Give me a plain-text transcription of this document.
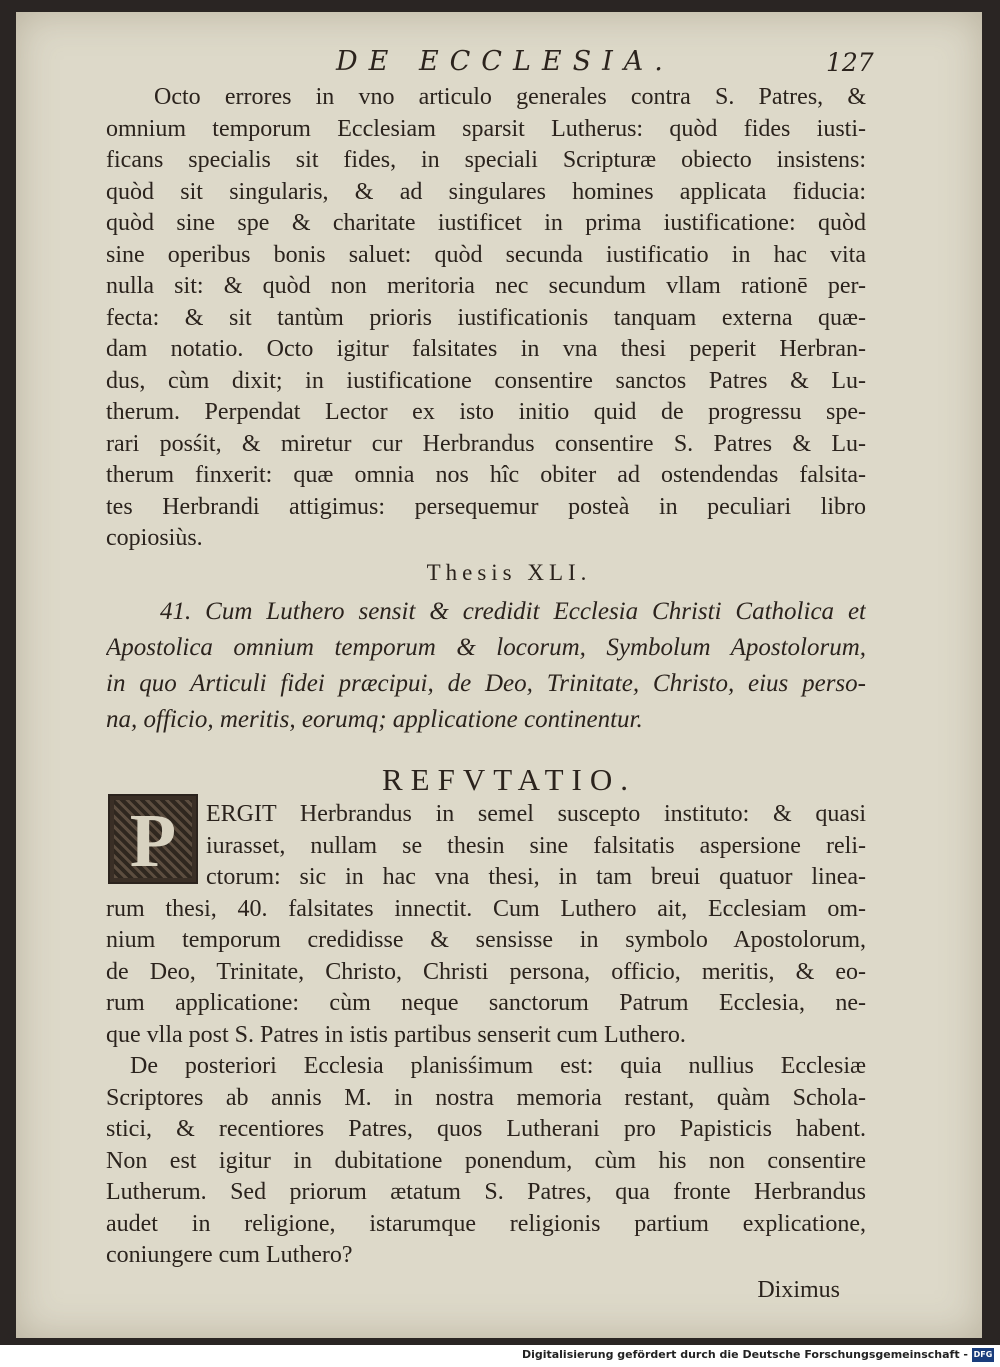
DE ECCLESIA.	127
Octo errores in vno articulo generales contra S. Patres, &
omnium temporum Ecclesiam sparsit Lutherus: quòd fides iusti-
ficans specialis sit fides, in speciali Scripturæ obiecto insistens:
quòd sit singularis, & ad singulares homines applicata fiducia:
quòd sine spe & charitate iustificet in prima iustificatione: quòd
sine operibus bonis saluet: quòd secunda iustificatio in hac vita
nulla sit: & quòd non meritoria nec secundum vllam rationē per-
fecta: & sit tantùm prioris iustificationis tanquam externa quæ-
dam notatio. Octo igitur falsitates in vna thesi peperit Herbran-
dus, cùm dixit; in iustificatione consentire sanctos Patres & Lu-
therum. Perpendat Lector ex isto initio quid de progressu spe-
rari posśit, & miretur cur Herbrandus consentire S. Patres & Lu-
therum finxerit: quæ omnia nos hîc obiter ad ostendendas falsita-
tes Herbrandi attigimus: persequemur posteà in peculiari libro
copiosiùs.
Thesis XLI.
41. Cum Luthero sensit & credidit Ecclesia Christi Catholica et
Apostolica omnium temporum & locorum, Symbolum Apostolorum,
in quo Articuli fidei præcipui, de Deo, Trinitate, Christo, eius perso-
na, officio, meritis, eorumq; applicatione continentur.
REFVTATIO.
P	ERGIT Herbrandus in semel suscepto instituto: & quasi
iurasset, nullam se thesin sine falsitatis aspersione reli-
ctorum: sic in hac vna thesi, in tam breui quatuor linea-
rum thesi, 40. falsitates innectit. Cum Luthero ait, Ecclesiam om-
nium temporum credidisse & sensisse in symbolo Apostolorum,
de Deo, Trinitate, Christo, Christi persona, officio, meritis, & eo-
rum applicatione: cùm neque sanctorum Patrum Ecclesia, ne-
que vlla post S. Patres in istis partibus senserit cum Luthero.
De posteriori Ecclesia planisśimum est: quia nullius Ecclesiæ
Scriptores ab annis M. in nostra memoria restant, quàm Schola-
stici, & recentiores Patres, quos Lutherani pro Papisticis habent.
Non est igitur in dubitatione ponendum, cùm his non consentire
Lutherum. Sed priorum ætatum S. Patres, qua fronte Herbrandus
audet in religione, istarumque religionis partium explicatione,
coniungere cum Luthero?
Diximus
Digitalisierung gefördert durch die Deutsche Forschungsgemeinschaft - DFG
